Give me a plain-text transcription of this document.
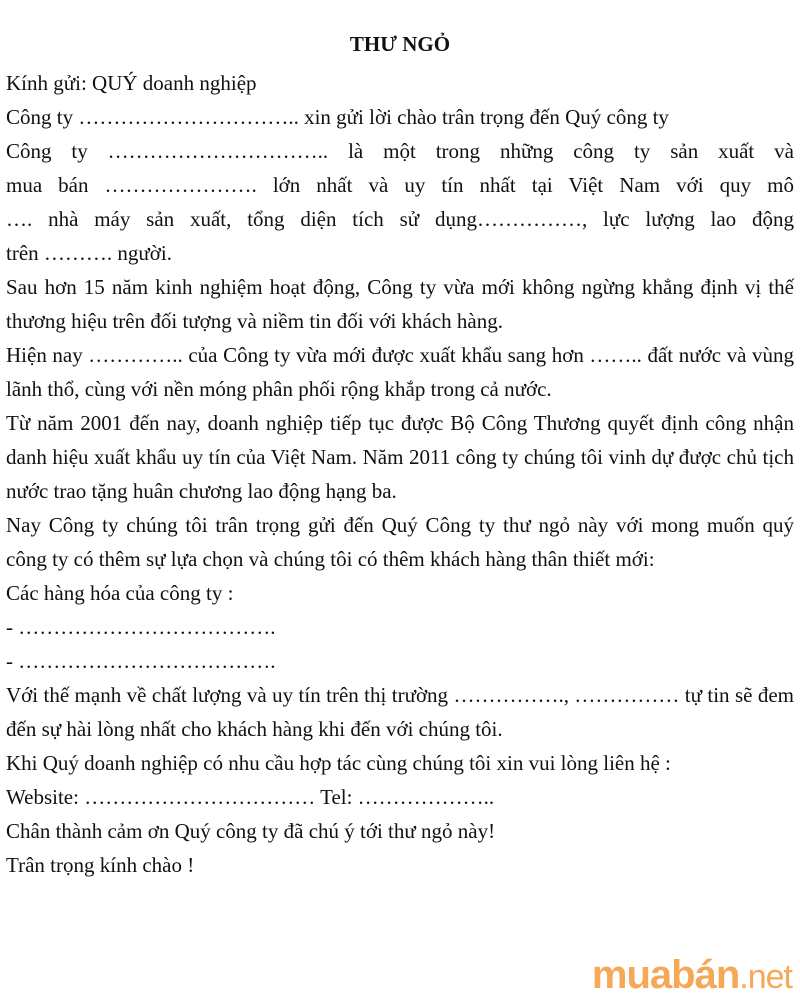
THƯ NGỎ

Kính gửi: QUÝ doanh nghiệp

Công ty ………………………….. xin gửi lời chào trân trọng đến Quý công ty

Công ty ………………………….. là một trong những công ty sản xuất và

mua bán …………………. lớn nhất và uy tín nhất tại Việt Nam với quy mô

…. nhà máy sản xuất, tổng diện tích sử dụng……………, lực lượng lao động

trên ………. người.

Sau hơn 15 năm kinh nghiệm hoạt động, Công ty vừa mới không ngừng khẳng định vị thế thương hiệu trên đối tượng và niềm tin đối với khách hàng.

Hiện nay ………….. của Công ty vừa mới được xuất khẩu sang hơn …….. đất nước và vùng lãnh thổ, cùng với nền móng phân phối rộng khắp trong cả nước.

Từ năm 2001 đến nay, doanh nghiệp tiếp tục được Bộ Công Thương quyết định công nhận danh hiệu xuất khẩu uy tín của Việt Nam. Năm 2011 công ty chúng tôi vinh dự được chủ tịch nước trao tặng huân chương lao động hạng ba.

Nay Công ty chúng tôi trân trọng gửi đến Quý Công ty thư ngỏ này với mong muốn quý công ty có thêm sự lựa chọn và chúng tôi có thêm khách hàng thân thiết mới:

Các hàng hóa của công ty :

- ……………………………….

- ……………………………….

Với thế mạnh về chất lượng và uy tín trên thị trường ……………., …………… tự tin sẽ đem đến sự hài lòng nhất cho khách hàng khi đến với chúng tôi.

Khi Quý doanh nghiệp có nhu cầu hợp tác cùng chúng tôi xin vui lòng liên hệ :

Website: …………………………… Tel: ………………..

Chân thành cảm ơn Quý công ty đã chú ý tới thư ngỏ này!

Trân trọng kính chào !

muabán.net
